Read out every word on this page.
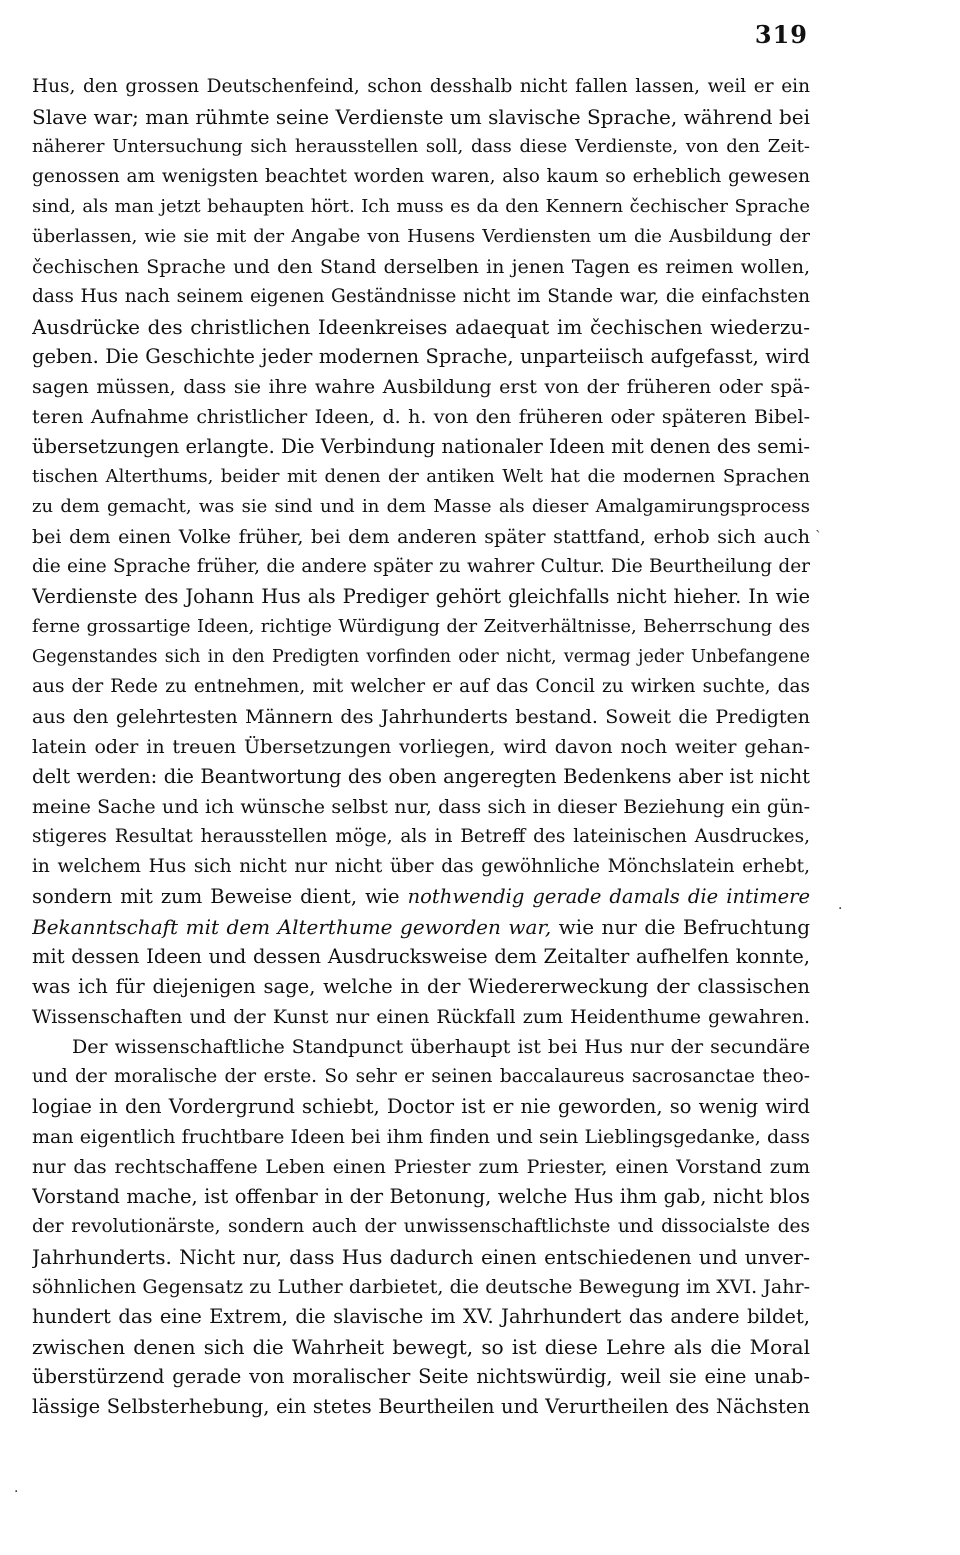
319
Hus, den grossen Deutschenfeind, schon desshalb nicht fallen lassen, weil er ein
Slave war; man rühmte seine Verdienste um slavische Sprache, während bei
näherer Untersuchung sich herausstellen soll, dass diese Verdienste, von den Zeit-
genossen am wenigsten beachtet worden waren, also kaum so erheblich gewesen
sind, als man jetzt behaupten hört. Ich muss es da den Kennern čechischer Sprache
überlassen, wie sie mit der Angabe von Husens Verdiensten um die Ausbildung der
čechischen Sprache und den Stand derselben in jenen Tagen es reimen wollen,
dass Hus nach seinem eigenen Geständnisse nicht im Stande war, die einfachsten
Ausdrücke des christlichen Ideenkreises adaequat im čechischen wiederzu-
geben. Die Geschichte jeder modernen Sprache, unparteiisch aufgefasst, wird
sagen müssen, dass sie ihre wahre Ausbildung erst von der früheren oder spä-
teren Aufnahme christlicher Ideen, d. h. von den früheren oder späteren Bibel-
übersetzungen erlangte. Die Verbindung nationaler Ideen mit denen des semi-
tischen Alterthums, beider mit denen der antiken Welt hat die modernen Sprachen
zu dem gemacht, was sie sind und in dem Masse als dieser Amalgamirungsprocess
bei dem einen Volke früher, bei dem anderen später stattfand, erhob sich auch
die eine Sprache früher, die andere später zu wahrer Cultur. Die Beurtheilung der
Verdienste des Johann Hus als Prediger gehört gleichfalls nicht hieher. In wie
ferne grossartige Ideen, richtige Würdigung der Zeitverhältnisse, Beherrschung des
Gegenstandes sich in den Predigten vorfinden oder nicht, vermag jeder Unbefangene
aus der Rede zu entnehmen, mit welcher er auf das Concil zu wirken suchte, das
aus den gelehrtesten Männern des Jahrhunderts bestand. Soweit die Predigten
latein oder in treuen Übersetzungen vorliegen, wird davon noch weiter gehan-
delt werden: die Beantwortung des oben angeregten Bedenkens aber ist nicht
meine Sache und ich wünsche selbst nur, dass sich in dieser Beziehung ein gün-
stigeres Resultat herausstellen möge, als in Betreff des lateinischen Ausdruckes,
in welchem Hus sich nicht nur nicht über das gewöhnliche Mönchslatein erhebt,
sondern mit zum Beweise dient, wie nothwendig gerade damals die intimere
Bekanntschaft mit dem Alterthume geworden war, wie nur die Befruchtung
mit dessen Ideen und dessen Ausdrucksweise dem Zeitalter aufhelfen konnte,
was ich für diejenigen sage, welche in der Wiedererweckung der classischen
Wissenschaften und der Kunst nur einen Rückfall zum Heidenthume gewahren.
Der wissenschaftliche Standpunct überhaupt ist bei Hus nur der secundäre
und der moralische der erste. So sehr er seinen baccalaureus sacrosanctae theo-
logiae in den Vordergrund schiebt, Doctor ist er nie geworden, so wenig wird
man eigentlich fruchtbare Ideen bei ihm finden und sein Lieblingsgedanke, dass
nur das rechtschaffene Leben einen Priester zum Priester, einen Vorstand zum
Vorstand mache, ist offenbar in der Betonung, welche Hus ihm gab, nicht blos
der revolutionärste, sondern auch der unwissenschaftlichste und dissocialste des
Jahrhunderts. Nicht nur, dass Hus dadurch einen entschiedenen und unver-
söhnlichen Gegensatz zu Luther darbietet, die deutsche Bewegung im XVI. Jahr-
hundert das eine Extrem, die slavische im XV. Jahrhundert das andere bildet,
zwischen denen sich die Wahrheit bewegt, so ist diese Lehre als die Moral
überstürzend gerade von moralischer Seite nichtswürdig, weil sie eine unab-
lässige Selbsterhebung, ein stetes Beurtheilen und Verurtheilen des Nächsten
`
·
·
